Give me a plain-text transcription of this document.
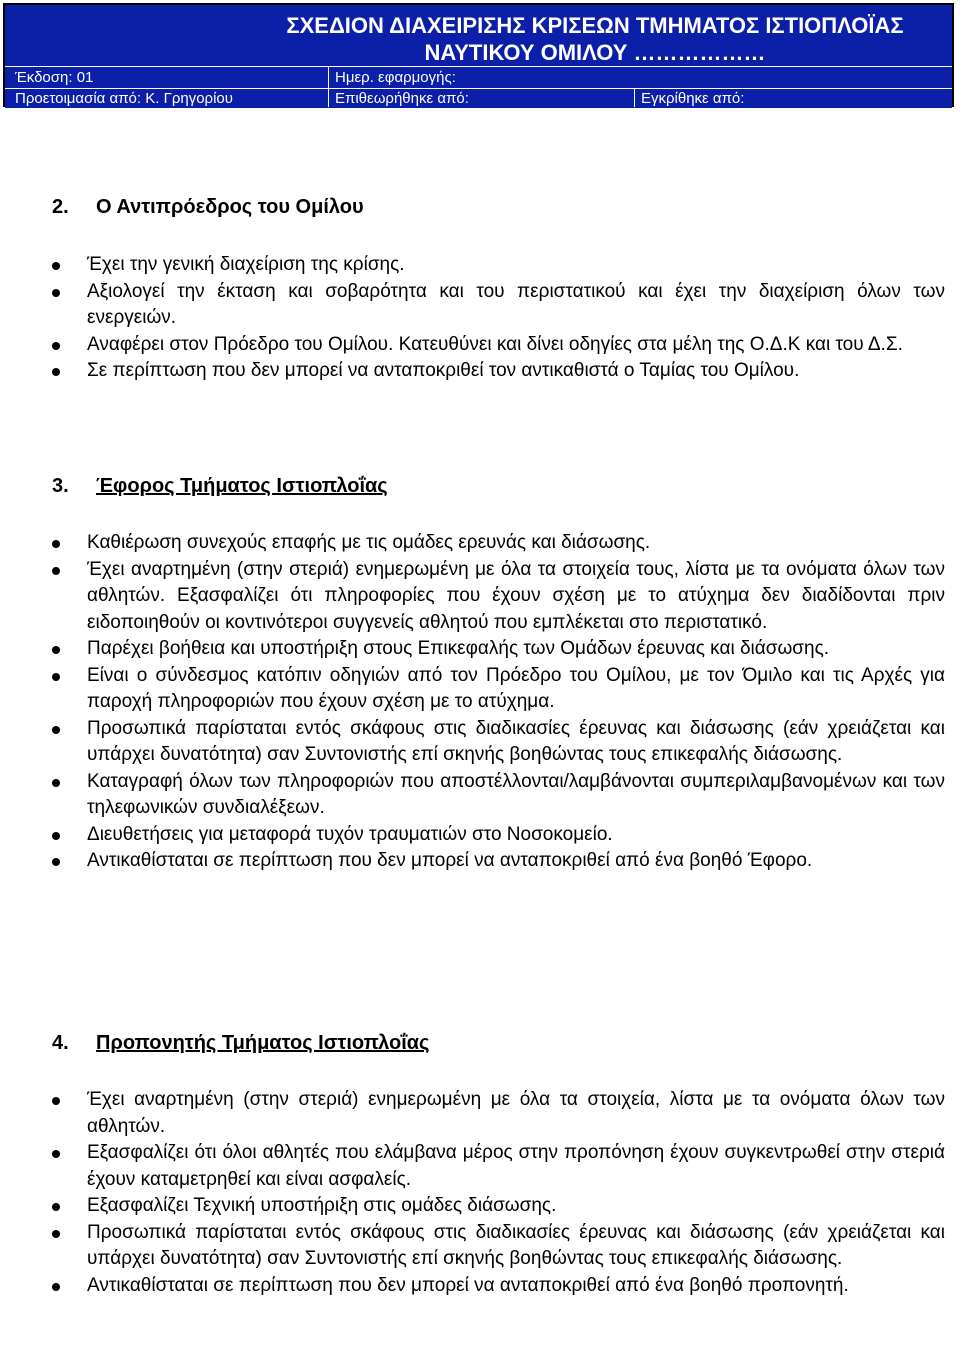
ΣΧΕΔΙΟΝ ΔΙΑΧΕΙΡΙΣΗΣ ΚΡΙΣΕΩΝ ΤΜΗΜΑΤΟΣ ΙΣΤΙΟΠΛΟΪΑΣ
ΝΑΥΤΙΚΟΥ ΟΜΙΛΟΥ ………………
Έκδοση: 01	Ημερ. εφαρμογής:
Προετοιμασία από: Κ. Γρηγορίου	Επιθεωρήθηκε από:	Εγκρίθηκε από:
2. Ο Αντιπρόεδρος του Ομίλου
Έχει την γενική διαχείριση της κρίσης.
Αξιολογεί την έκταση και σοβαρότητα και του περιστατικού και έχει την διαχείριση όλων των ενεργειών.
Αναφέρει στον Πρόεδρο του Ομίλου. Κατευθύνει και δίνει οδηγίες στα μέλη της Ο.Δ.Κ και του Δ.Σ.
Σε περίπτωση που δεν μπορεί να ανταποκριθεί τον αντικαθιστά ο Ταμίας του Ομίλου.
3. Έφορος Τμήματος Ιστιοπλοΐας
Καθιέρωση συνεχούς επαφής με τις ομάδες ερευνάς και διάσωσης.
Έχει αναρτημένη (στην στεριά) ενημερωμένη με όλα τα στοιχεία τους, λίστα με τα ονόματα όλων των αθλητών. Εξασφαλίζει ότι πληροφορίες που έχουν σχέση με το ατύχημα δεν διαδίδονται πριν ειδοποιηθούν οι κοντινότεροι συγγενείς αθλητού που εμπλέκεται στο περιστατικό.
Παρέχει βοήθεια και υποστήριξη στους Επικεφαλής των Ομάδων έρευνας και διάσωσης.
Είναι ο σύνδεσμος κατόπιν οδηγιών από τον Πρόεδρο του Ομίλου, με τον Όμιλο και τις Αρχές για παροχή πληροφοριών που έχουν σχέση με το ατύχημα.
Προσωπικά παρίσταται εντός σκάφους στις διαδικασίες έρευνας και διάσωσης (εάν χρειάζεται και υπάρχει δυνατότητα) σαν Συντονιστής επί σκηνής βοηθώντας τους επικεφαλής διάσωσης.
Καταγραφή όλων των πληροφοριών που αποστέλλονται/λαμβάνονται συμπεριλαμβανομένων και των τηλεφωνικών συνδιαλέξεων.
Διευθετήσεις για μεταφορά τυχόν τραυματιών στο Νοσοκομείο.
Αντικαθίσταται σε περίπτωση που δεν μπορεί να ανταποκριθεί από ένα βοηθό Έφορο.
4. Προπονητής Τμήματος Ιστιοπλοΐας
Έχει αναρτημένη (στην στεριά) ενημερωμένη με όλα τα στοιχεία, λίστα με τα ονόματα όλων των αθλητών.
Εξασφαλίζει ότι όλοι αθλητές που ελάμβανα μέρος στην προπόνηση έχουν συγκεντρωθεί στην στεριά έχουν καταμετρηθεί και είναι ασφαλείς.
Εξασφαλίζει Τεχνική υποστήριξη στις ομάδες διάσωσης.
Προσωπικά παρίσταται εντός σκάφους στις διαδικασίες έρευνας και διάσωσης (εάν χρειάζεται και υπάρχει δυνατότητα) σαν Συντονιστής επί σκηνής βοηθώντας τους επικεφαλής διάσωσης.
Αντικαθίσταται σε περίπτωση που δεν μπορεί να ανταποκριθεί από ένα βοηθό προπονητή.
